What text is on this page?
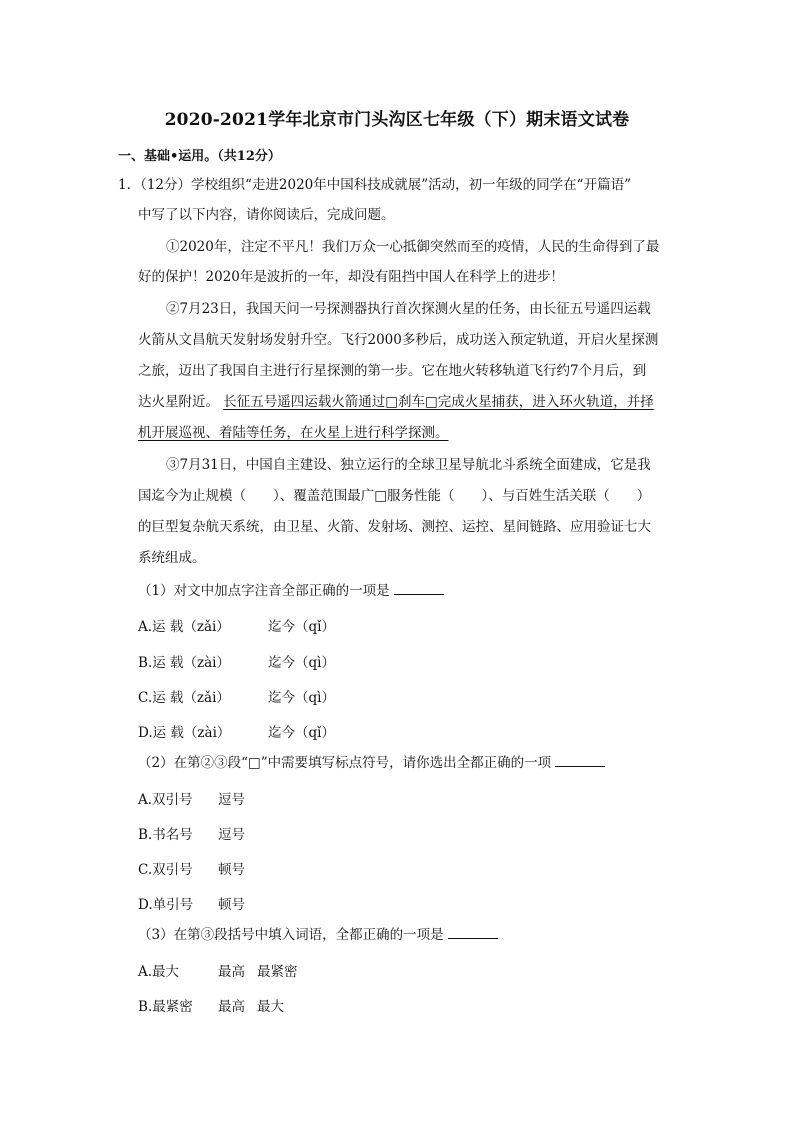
2020-2021学年北京市门头沟区七年级（下）期末语文试卷
一、基础•运用。（共12分）
1．（12分）学校组织“走进2020年中国科技成就展”活动，初一年级的同学在“开篇语”
中写了以下内容，请你阅读后，完成问题。
①2020年，注定不平凡！我们万众一心抵御突然而至的疫情，人民的生命得到了最
好的保护！2020年是波折的一年，却没有阻挡中国人在科学上的进步！
②7月23日，我国天问一号探测器执行首次探测火星的任务，由长征五号遥四运载
火箭从文昌航天发射场发射升空。飞行2000多秒后，成功送入预定轨道，开启火星探测
之旅，迈出了我国自主进行行星探测的第一步。它在地火转移轨道飞行约7个月后，到
达火星附近。 长征五号遥四运载火箭通过□刹车□完成火星捕获，进入环火轨道，并择
机开展巡视、着陆等任务，在火星上进行科学探测。
③7月31日，中国自主建设、独立运行的全球卫星导航北斗系统全面建成，它是我
国迄今为止规模（　　）、覆盖范围最广□服务性能（　　）、与百姓生活关联（　　）
的巨型复杂航天系统，由卫星、火箭、发射场、测控、运控、星间链路、应用验证七大
系统组成。
（1）对文中加点字注音全部正确的一项是
A.运 载（zǎi）	迄今（qǐ）
B.运 载（zài）	迄今（qì）
C.运 载（zǎi）	迄今（qì）
D.运 载（zài）	迄今（qǐ）
（2）在第②③段“□”中需要填写标点符号，请你选出全都正确的一项
A.双引号 逗号
B.书名号 逗号
C.双引号 顿号
D.单引号 顿号
（3）在第③段括号中填入词语，全都正确的一项是
A.最大	最高 最紧密
B.最紧密 最高 最大
